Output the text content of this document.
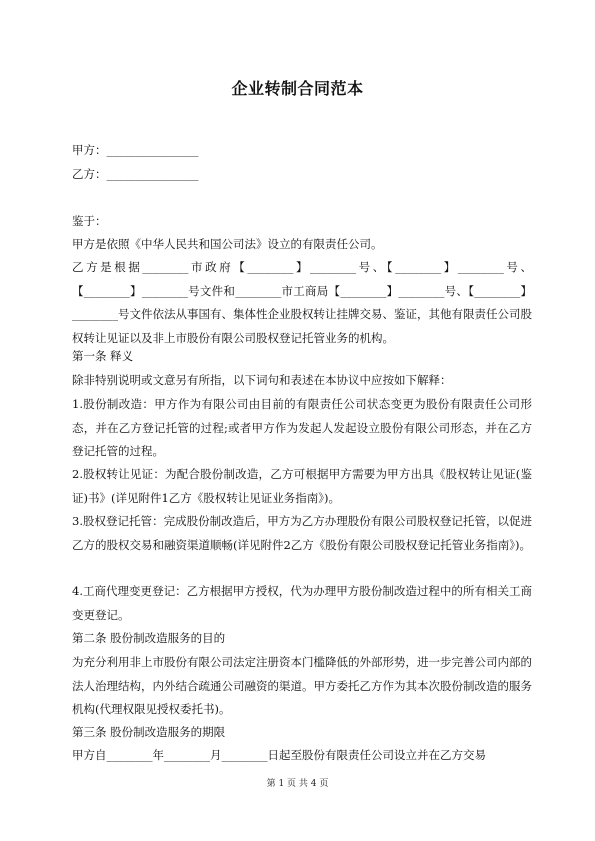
企业转制合同范本
甲方：________________
乙方：________________
鉴于：
甲方是依照《中华人民共和国公司法》设立的有限责任公司。
乙方是根据________市政府【________】________号、【________】________号、【________】________号文件和________市工商局【________】________号、【________】________号文件依法从事国有、集体性企业股权转让挂牌交易、鉴证，其他有限责任公司股权转让见证以及非上市股份有限公司股权登记托管业务的机构。
第一条 释义
除非特别说明或文意另有所指，以下词句和表述在本协议中应按如下解释：
1.股份制改造：甲方作为有限公司由目前的有限责任公司状态变更为股份有限责任公司形态，并在乙方登记托管的过程;或者甲方作为发起人发起设立股份有限公司形态，并在乙方登记托管的过程。
2.股权转让见证：为配合股份制改造，乙方可根据甲方需要为甲方出具《股权转让见证(鉴证)书》(详见附件1乙方《股权转让见证业务指南》)。
3.股权登记托管：完成股份制改造后，甲方为乙方办理股份有限公司股权登记托管，以促进乙方的股权交易和融资渠道顺畅(详见附件2乙方《股份有限公司股权登记托管业务指南》)。
4.工商代理变更登记：乙方根据甲方授权，代为办理甲方股份制改造过程中的所有相关工商变更登记。
第二条 股份制改造服务的目的
为充分利用非上市股份有限公司法定注册资本门槛降低的外部形势，进一步完善公司内部的法人治理结构，内外结合疏通公司融资的渠道。甲方委托乙方作为其本次股份制改造的服务机构(代理权限见授权委托书)。
第三条 股份制改造服务的期限
甲方自________年________月________日起至股份有限责任公司设立并在乙方交易
第 1 页 共 4 页
